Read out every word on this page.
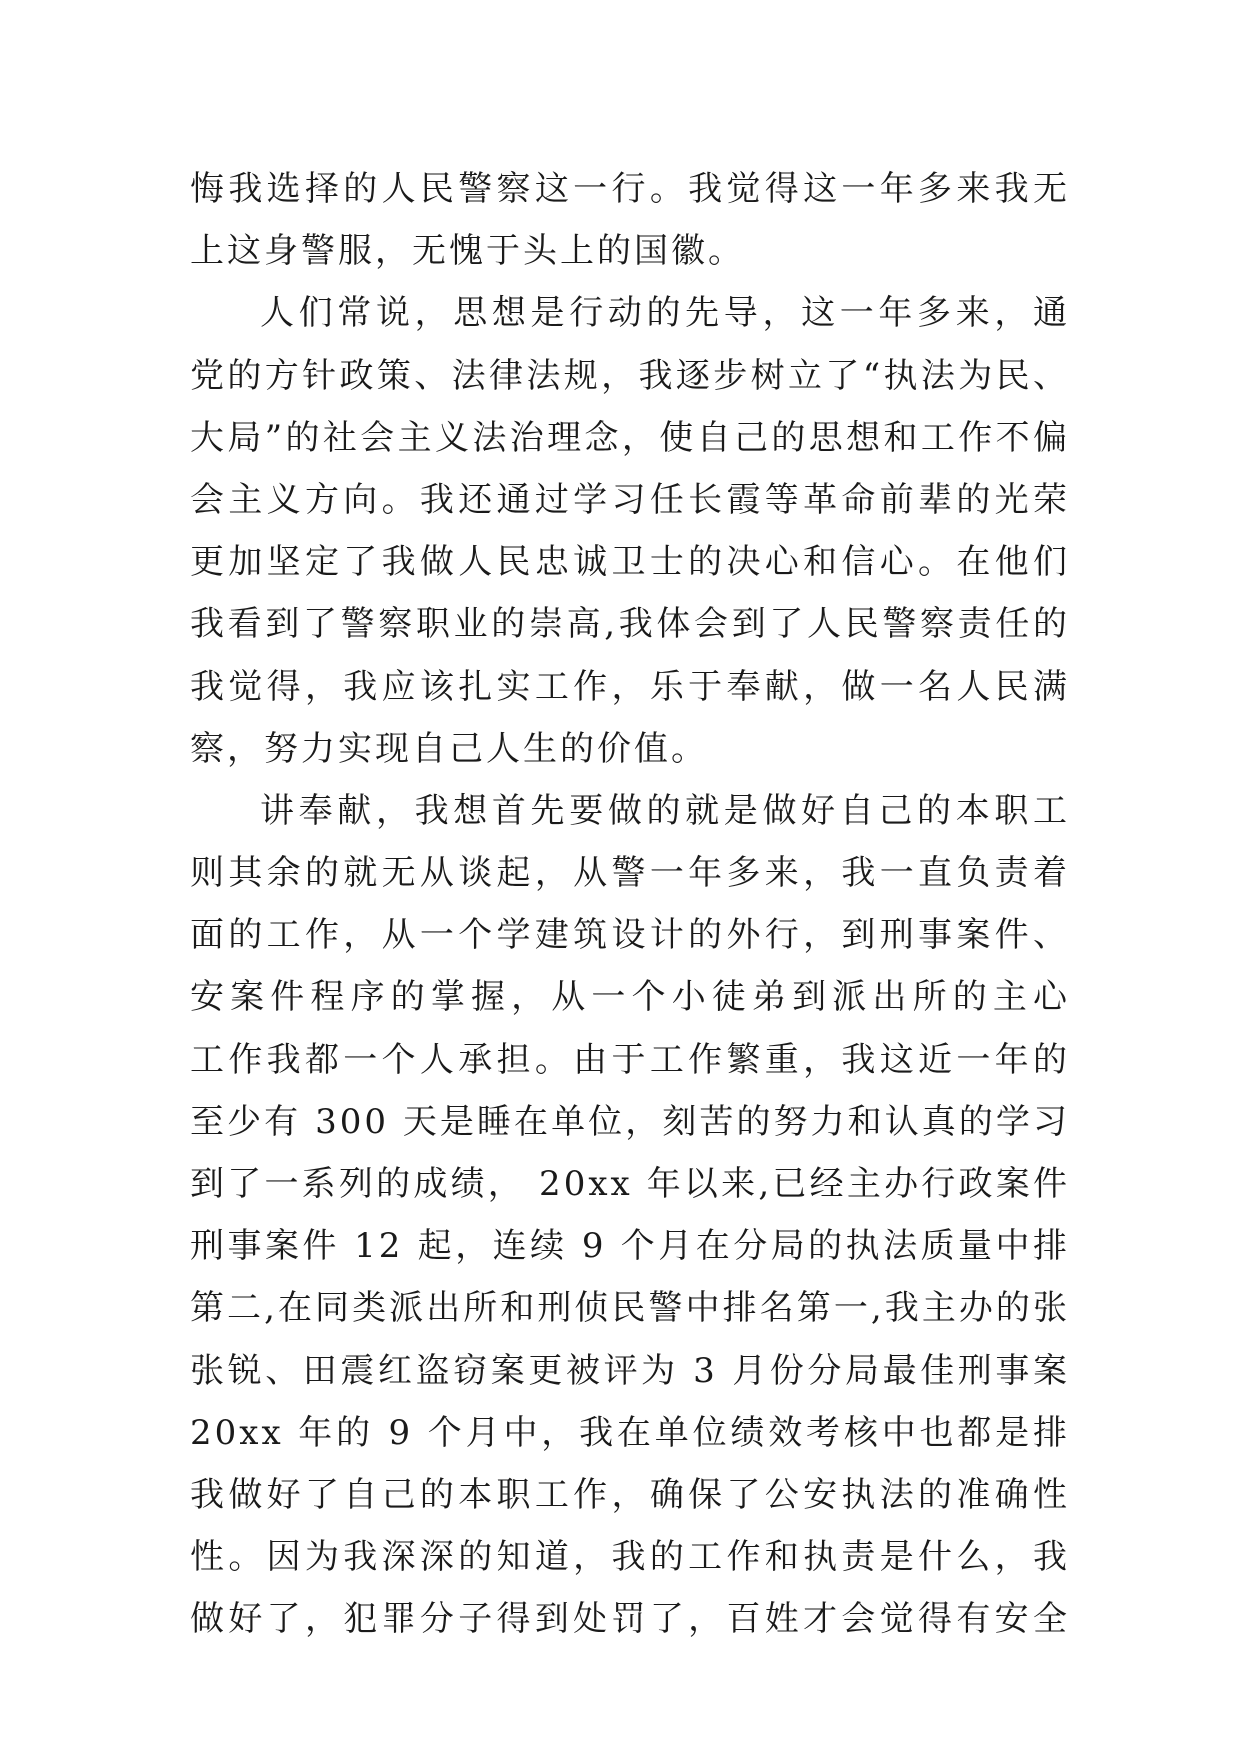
悔我选择的人民警察这一行。我觉得这一年多来我无
上这身警服，无愧于头上的国徽。
人们常说，思想是行动的先导，这一年多来，通
党的方针政策、法律法规，我逐步树立了“执法为民、
大局”的社会主义法治理念，使自己的思想和工作不偏
会主义方向。我还通过学习任长霞等革命前辈的光荣
更加坚定了我做人民忠诚卫士的决心和信心。在他们
我看到了警察职业的崇高,我体会到了人民警察责任的
我觉得，我应该扎实工作，乐于奉献，做一名人民满
察，努力实现自己人生的价值。
讲奉献，我想首先要做的就是做好自己的本职工
则其余的就无从谈起，从警一年多来，我一直负责着
面的工作，从一个学建筑设计的外行，到刑事案件、
安案件程序的掌握，从一个小徒弟到派出所的主心
工作我都一个人承担。由于工作繁重，我这近一年的
至少有 300 天是睡在单位，刻苦的努力和认真的学习
到了一系列的成绩， 20xx 年以来,已经主办行政案件
刑事案件 12 起，连续 9 个月在分局的执法质量中排
第二,在同类派出所和刑侦民警中排名第一,我主办的张
张锐、田震红盗窃案更被评为 3 月份分局最佳刑事案
20xx 年的 9 个月中，我在单位绩效考核中也都是排
我做好了自己的本职工作，确保了公安执法的准确性
性。因为我深深的知道，我的工作和执责是什么，我
做好了，犯罪分子得到处罚了，百姓才会觉得有安全
